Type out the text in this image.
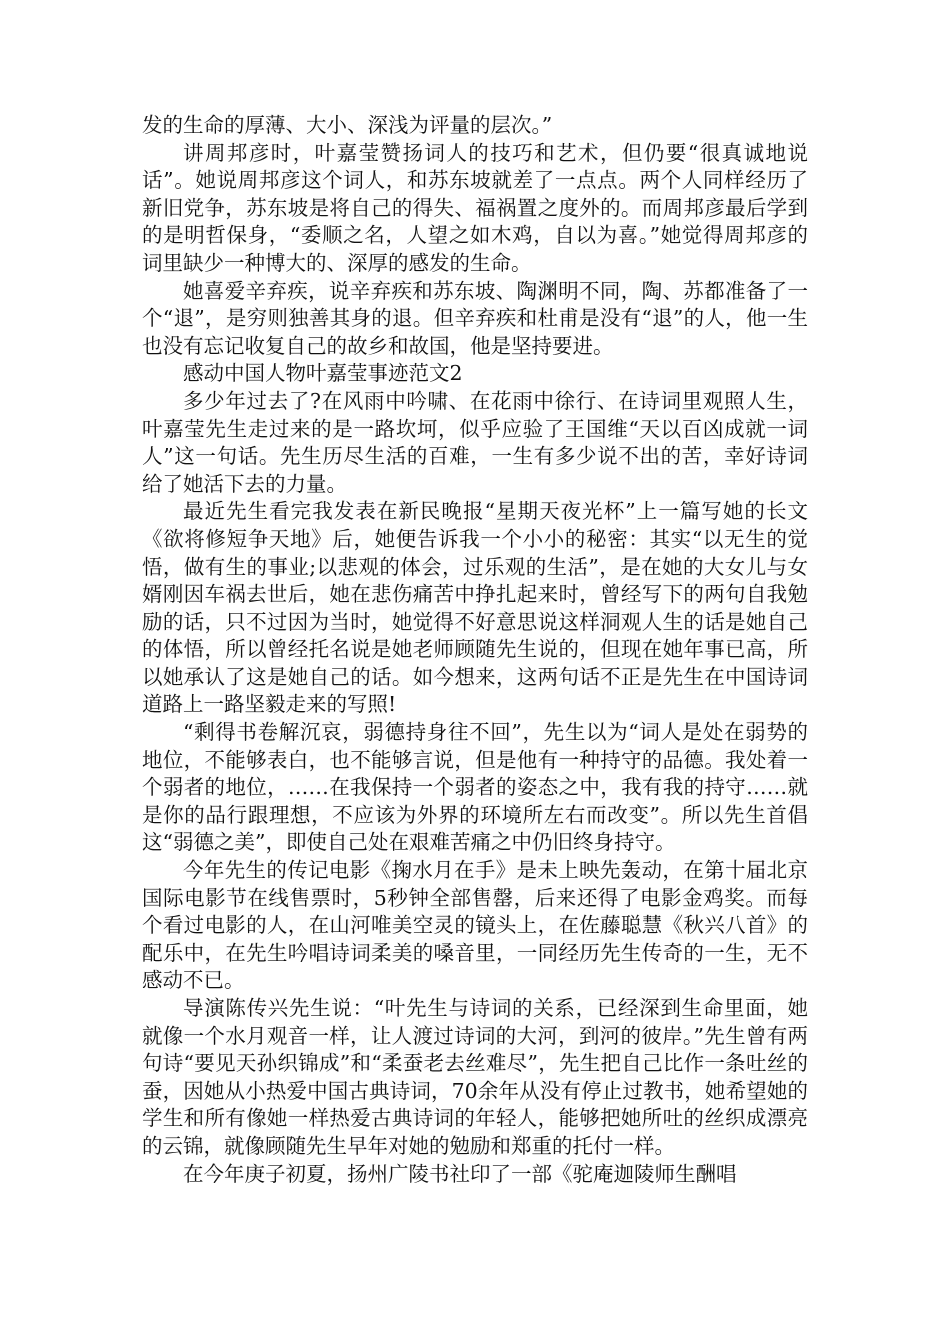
发的生命的厚薄、大小、深浅为评量的层次。”

讲周邦彦时，叶嘉莹赞扬词人的技巧和艺术，但仍要“很真诚地说话”。她说周邦彦这个词人，和苏东坡就差了一点点。两个人同样经历了新旧党争，苏东坡是将自己的得失、福祸置之度外的。而周邦彦最后学到的是明哲保身，“委顺之名，人望之如木鸡，自以为喜。”她觉得周邦彦的词里缺少一种博大的、深厚的感发的生命。

她喜爱辛弃疾，说辛弃疾和苏东坡、陶渊明不同，陶、苏都准备了一个“退”，是穷则独善其身的退。但辛弃疾和杜甫是没有“退”的人，他一生也没有忘记收复自己的故乡和故国，他是坚持要进。

感动中国人物叶嘉莹事迹范文2

多少年过去了?在风雨中吟啸、在花雨中徐行、在诗词里观照人生，叶嘉莹先生走过来的是一路坎坷，似乎应验了王国维“天以百凶成就一词人”这一句话。先生历尽生活的百难，一生有多少说不出的苦，幸好诗词给了她活下去的力量。

最近先生看完我发表在新民晚报“星期天夜光杯”上一篇写她的长文《欲将修短争天地》后，她便告诉我一个小小的秘密：其实“以无生的觉悟，做有生的事业;以悲观的体会，过乐观的生活”，是在她的大女儿与女婿刚因车祸去世后，她在悲伤痛苦中挣扎起来时，曾经写下的两句自我勉励的话，只不过因为当时，她觉得不好意思说这样洞观人生的话是她自己的体悟，所以曾经托名说是她老师顾随先生说的，但现在她年事已高，所以她承认了这是她自己的话。如今想来，这两句话不正是先生在中国诗词道路上一路坚毅走来的写照!

“剩得书卷解沉哀，弱德持身往不回”，先生以为“词人是处在弱势的地位，不能够表白，也不能够言说，但是他有一种持守的品德。我处着一个弱者的地位，……在我保持一个弱者的姿态之中，我有我的持守……就是你的品行跟理想，不应该为外界的环境所左右而改变”。所以先生首倡这“弱德之美”，即使自己处在艰难苦痛之中仍旧终身持守。

今年先生的传记电影《掬水月在手》是未上映先轰动，在第十届北京国际电影节在线售票时，5秒钟全部售罄，后来还得了电影金鸡奖。而每个看过电影的人，在山河唯美空灵的镜头上，在佐藤聪慧《秋兴八首》的配乐中，在先生吟唱诗词柔美的嗓音里，一同经历先生传奇的一生，无不感动不已。

导演陈传兴先生说：“叶先生与诗词的关系，已经深到生命里面，她就像一个水月观音一样，让人渡过诗词的大河，到河的彼岸。”先生曾有两句诗“要见天孙织锦成”和“柔蚕老去丝难尽”，先生把自己比作一条吐丝的蚕，因她从小热爱中国古典诗词，70余年从没有停止过教书，她希望她的学生和所有像她一样热爱古典诗词的年轻人，能够把她所吐的丝织成漂亮的云锦，就像顾随先生早年对她的勉励和郑重的托付一样。

在今年庚子初夏，扬州广陵书社印了一部《驼庵迦陵师生酬唱
